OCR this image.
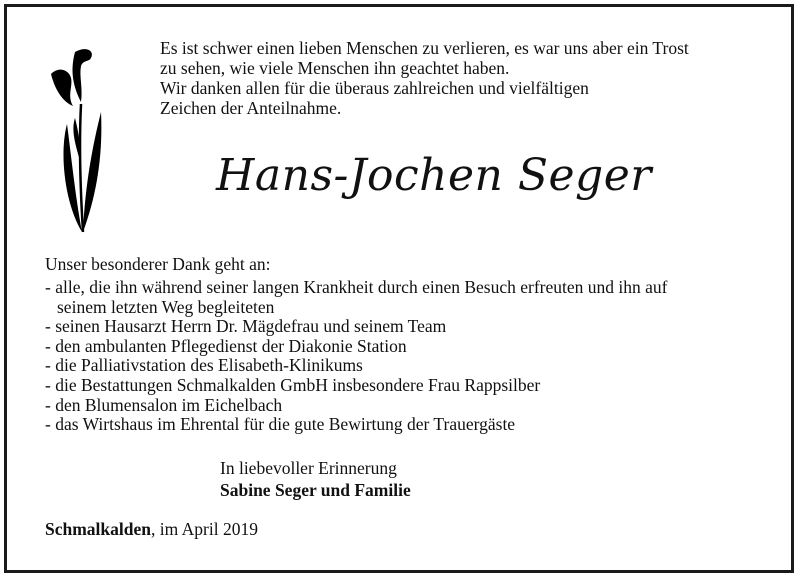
Es ist schwer einen lieben Menschen zu verlieren, es war uns aber ein Trost
zu sehen, wie viele Menschen ihn geachtet haben.
Wir danken allen für die überaus zahlreichen und vielfältigen
Zeichen der Anteilnahme.
Hans-Jochen Seger
Unser besonderer Dank geht an:
- alle, die ihn während seiner langen Krankheit durch einen Besuch erfreuten und ihn auf
seinem letzten Weg begleiteten
- seinen Hausarzt Herrn Dr. Mägdefrau und seinem Team
- den ambulanten Pflegedienst der Diakonie Station
- die Palliativstation des Elisabeth-Klinikums
- die Bestattungen Schmalkalden GmbH insbesondere Frau Rappsilber
- den Blumensalon im Eichelbach
- das Wirtshaus im Ehrental für die gute Bewirtung der Trauergäste
In liebevoller Erinnerung
Sabine Seger und Familie
Schmalkalden, im April 2019
